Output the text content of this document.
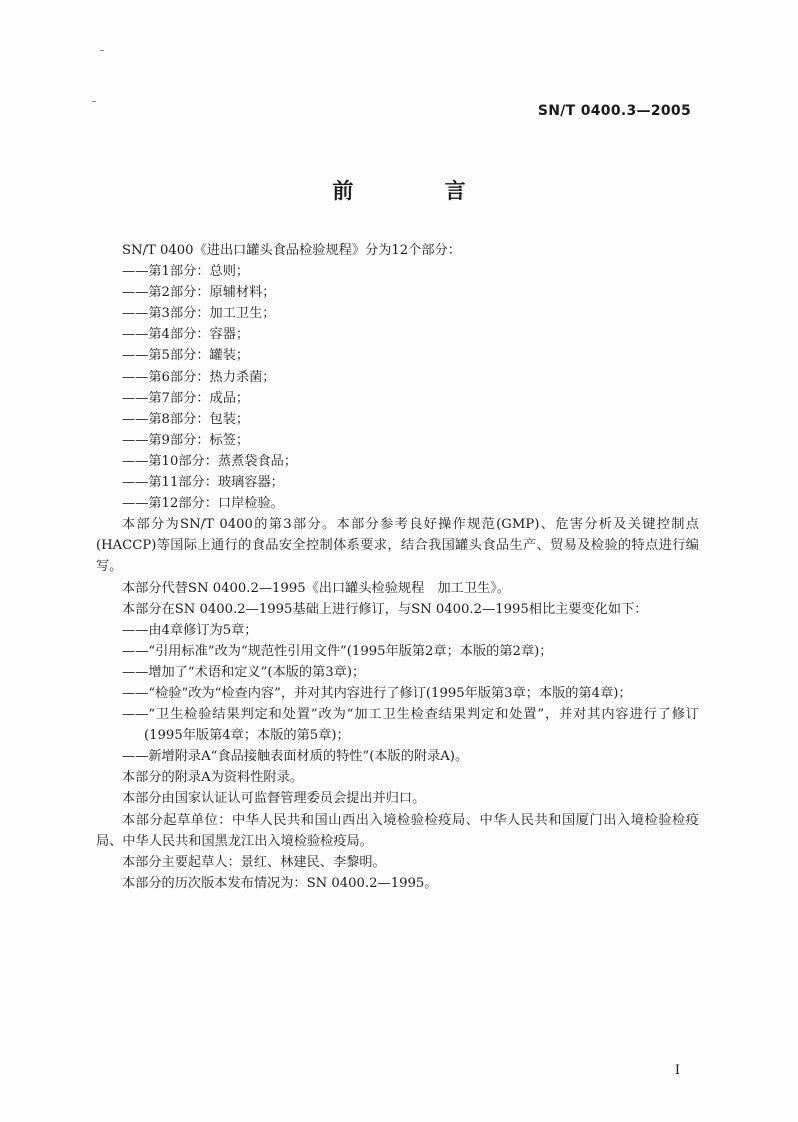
SN/T 0400.3—2005
前 言

SN/T 0400《进出口罐头食品检验规程》分为12个部分：

——第1部分：总则；

——第2部分：原辅材料；

——第3部分：加工卫生；

——第4部分：容器；

——第5部分：罐装；

——第6部分：热力杀菌；

——第7部分：成品；

——第8部分：包装；

——第9部分：标签；

——第10部分：蒸煮袋食品；

——第11部分：玻璃容器；

——第12部分：口岸检验。

本部分为SN/T 0400的第3部分。本部分参考良好操作规范(GMP)、危害分析及关键控制点(HACCP)等国际上通行的食品安全控制体系要求，结合我国罐头食品生产、贸易及检验的特点进行编写。

本部分代替SN 0400.2—1995《出口罐头检验规程　加工卫生》。

本部分在SN 0400.2—1995基础上进行修订，与SN 0400.2—1995相比主要变化如下：

——由4章修订为5章；

——“引用标准”改为“规范性引用文件”(1995年版第2章；本版的第2章)；

——增加了“术语和定义”(本版的第3章)；

——“检验”改为“检查内容”，并对其内容进行了修订(1995年版第3章；本版的第4章)；

——“卫生检验结果判定和处置”改为“加工卫生检查结果判定和处置”，并对其内容进行了修订(1995年版第4章；本版的第5章)；

——新增附录A“食品接触表面材质的特性”(本版的附录A)。

本部分的附录A为资料性附录。

本部分由国家认证认可监督管理委员会提出并归口。

本部分起草单位：中华人民共和国山西出入境检验检疫局、中华人民共和国厦门出入境检验检疫局、中华人民共和国黑龙江出入境检验检疫局。

本部分主要起草人：景红、林建民、李黎明。

本部分的历次版本发布情况为：SN 0400.2—1995。

I
